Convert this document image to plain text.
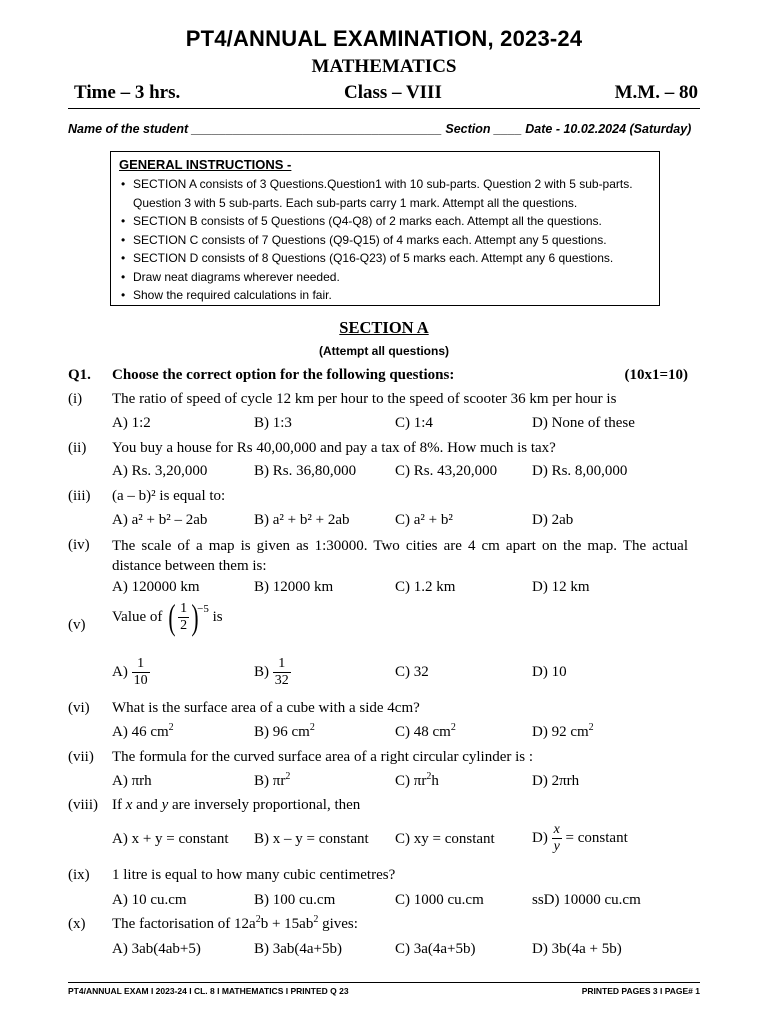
PT4/ANNUAL EXAMINATION, 2023-24
MATHEMATICS
Time – 3 hrs.	Class – VIII	M.M. – 80
Name of the student ____________________________________ Section ____ Date - 10.02.2024 (Saturday)
GENERAL INSTRUCTIONS -
• SECTION A consists of 3 Questions.Question1 with 10 sub-parts. Question 2 with 5 sub-parts. Question 3 with 5 sub-parts. Each sub-parts carry 1 mark. Attempt all the questions.
• SECTION B consists of 5 Questions (Q4-Q8) of 2 marks each. Attempt all the questions.
• SECTION C consists of 7 Questions (Q9-Q15) of 4 marks each. Attempt any 5 questions.
• SECTION D consists of 8 Questions (Q16-Q23) of 5 marks each. Attempt any 6 questions.
• Draw neat diagrams wherever needed.
• Show the required calculations in fair.
SECTION A
(Attempt all questions)
Q1. Choose the correct option for the following questions:	(10x1=10)
(i) The ratio of speed of cycle 12 km per hour to the speed of scooter 36 km per hour is
A) 1:2	B) 1:3	C) 1:4	D) None of these
(ii) You buy a house for Rs 40,00,000 and pay a tax of 8%. How much is tax?
A) Rs. 3,20,000	B) Rs. 36,80,000	C) Rs. 43,20,000 D) Rs. 8,00,000
(iii) (a – b)² is equal to:
A) a² + b² – 2ab	B) a² + b² + 2ab	C) a² + b²	D) 2ab
(iv) The scale of a map is given as 1:30000. Two cities are 4 cm apart on the map. The actual distance between them is:
A) 120000 km	B) 12000 km	C) 1.2 km	D) 12 km
(v)
Value of ( $\frac{1}{2} )-5$ is
$A) \frac{1}{10}$	$B) \frac{1}{32}$	C) 32	D) 10
(vi) What is the surface area of a cube with a side 4cm?
A) 46 $cm^2$	B) 96 $cm^2$	C) 48 $cm^2$	D) 92 $cm^2$
(vii) The formula for the curved surface area of a right circular cylinder is :
A) πrh	B) $\pi r^2$	C) $\pi r^2h$	D) 2πrh
(viii) If x and y are inversely proportional, then
A) x + y = constant B) x – y = constant C) xy = constant $D) \frac{x}{y}$ = constant
(ix) 1 litre is equal to how many cubic centimetres?
A) 10 cu.cm	B) 100 cu.cm	C) 1000 cu.cm	ssD) 10000 cu.cm
(x) The factorisation of $12a^2b + 15ab^2$ gives:
A) 3ab(4ab+5)	B) 3ab(4a+5b)	C) 3a(4a+5b)	D) 3b(4a + 5b)
PT4/ANNUAL EXAM I 2023-24 I CL. 8 I MATHEMATICS I PRINTED Q 23	PRINTED PAGES 3 I PAGE# 1
